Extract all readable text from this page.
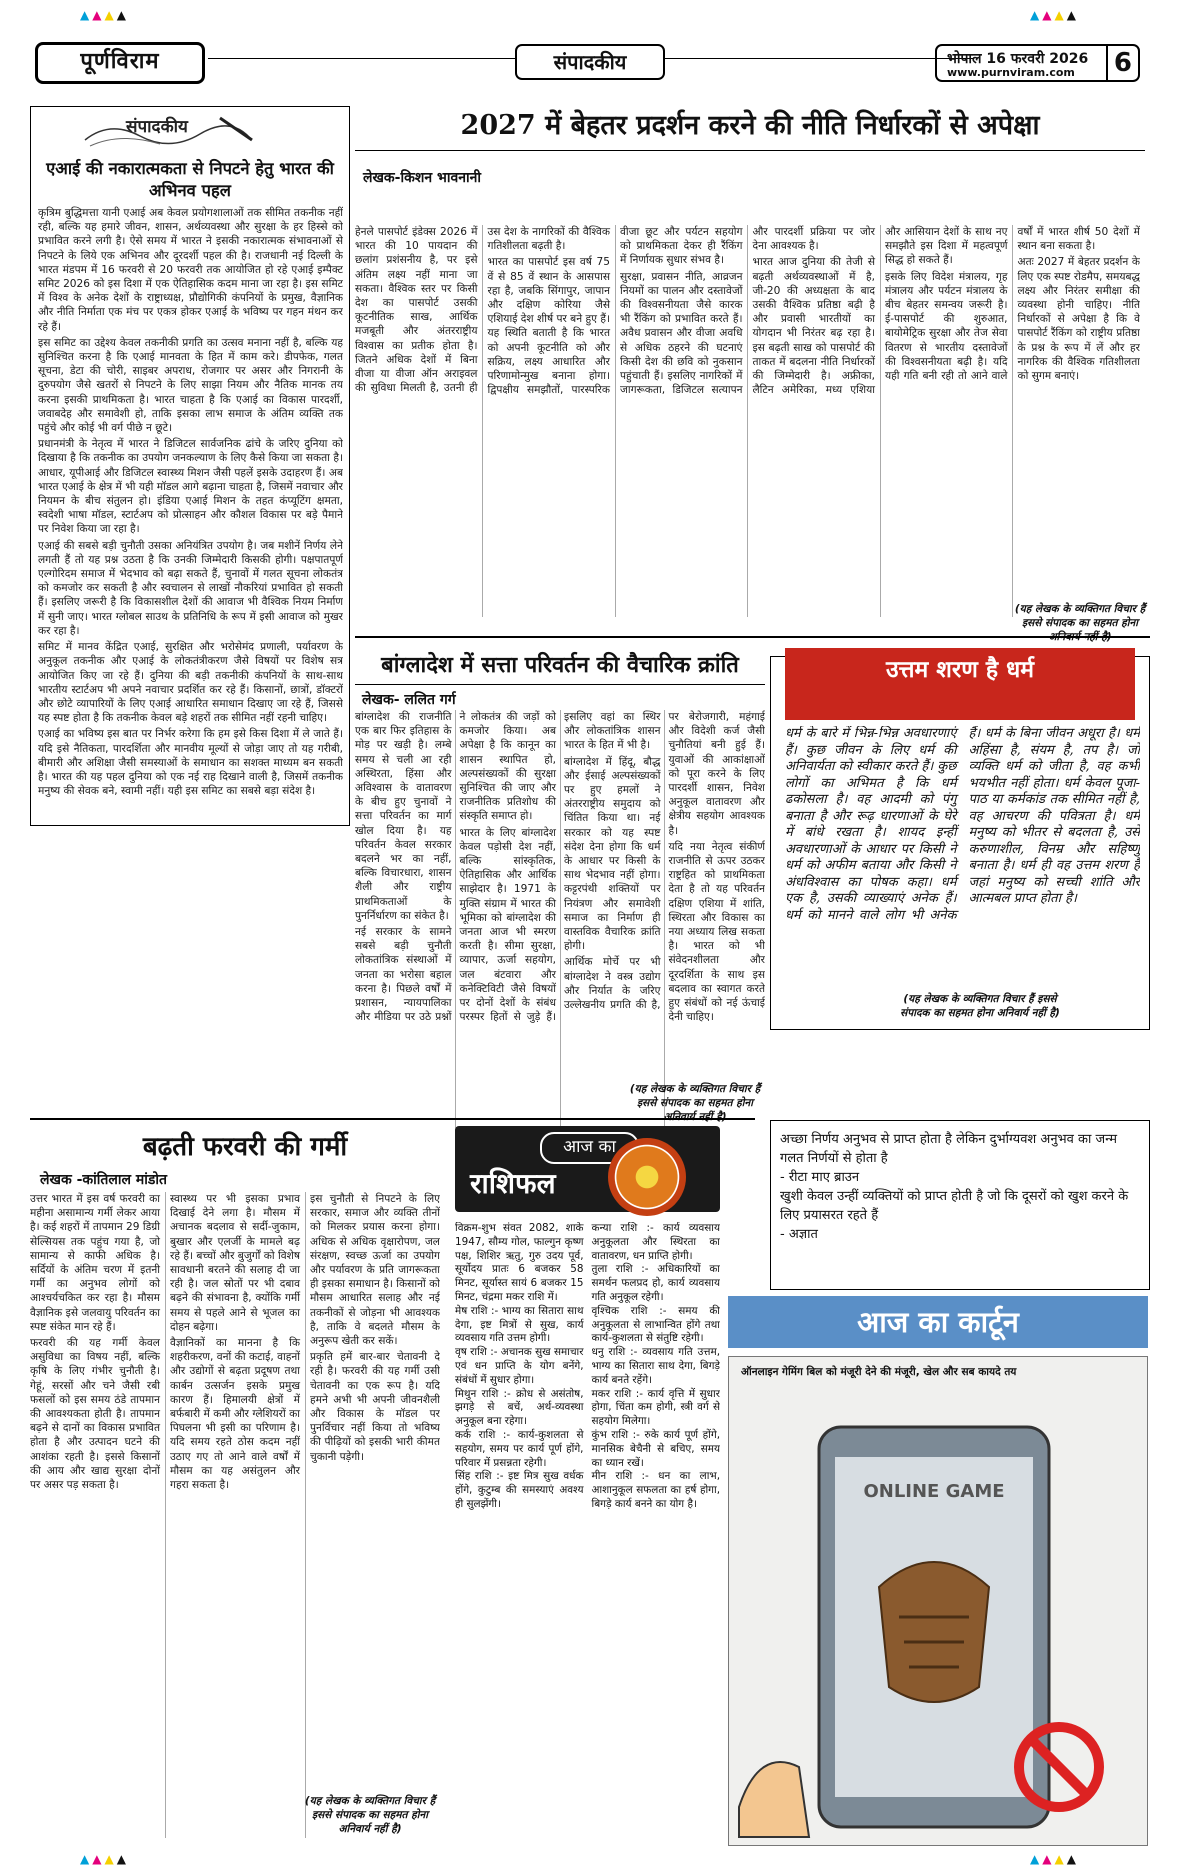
पूर्णविराम	संपादकीय	भोपाल 16 फरवरी 2026
www.purnviram.com	6
▲▲▲▲	▲▲▲▲
संपादकीय
एआई की नकारात्मकता से निपटने हेतु भारत की अभिनव पहल

कृत्रिम बुद्धिमत्ता यानी एआई अब केवल प्रयोगशालाओं तक सीमित तकनीक नहीं रही, बल्कि यह हमारे जीवन, शासन, अर्थव्यवस्था और सुरक्षा के हर हिस्से को प्रभावित करने लगी है। ऐसे समय में भारत ने इसकी नकारात्मक संभावनाओं से निपटने के लिये एक अभिनव और दूरदर्शी पहल की है। राजधानी नई दिल्ली के भारत मंडपम में 16 फरवरी से 20 फरवरी तक आयोजित हो रहे एआई इम्पैक्ट समिट 2026 को इस दिशा में एक ऐतिहासिक कदम माना जा रहा है। इस समिट में विश्व के अनेक देशों के राष्ट्राध्यक्ष, प्रौद्योगिकी कंपनियों के प्रमुख, वैज्ञानिक और नीति निर्माता एक मंच पर एकत्र होकर एआई के भविष्य पर गहन मंथन कर रहे हैं।

इस समिट का उद्देश्य केवल तकनीकी प्रगति का उत्सव मनाना नहीं है, बल्कि यह सुनिश्चित करना है कि एआई मानवता के हित में काम करे। डीपफेक, गलत सूचना, डेटा की चोरी, साइबर अपराध, रोजगार पर असर और निगरानी के दुरुपयोग जैसे खतरों से निपटने के लिए साझा नियम और नैतिक मानक तय करना इसकी प्राथमिकता है। भारत चाहता है कि एआई का विकास पारदर्शी, जवाबदेह और समावेशी हो, ताकि इसका लाभ समाज के अंतिम व्यक्ति तक पहुंचे और कोई भी वर्ग पीछे न छूटे।

प्रधानमंत्री के नेतृत्व में भारत ने डिजिटल सार्वजनिक ढांचे के जरिए दुनिया को दिखाया है कि तकनीक का उपयोग जनकल्याण के लिए कैसे किया जा सकता है। आधार, यूपीआई और डिजिटल स्वास्थ्य मिशन जैसी पहलें इसके उदाहरण हैं। अब भारत एआई के क्षेत्र में भी यही मॉडल आगे बढ़ाना चाहता है, जिसमें नवाचार और नियमन के बीच संतुलन हो। इंडिया एआई मिशन के तहत कंप्यूटिंग क्षमता, स्वदेशी भाषा मॉडल, स्टार्टअप को प्रोत्साहन और कौशल विकास पर बड़े पैमाने पर निवेश किया जा रहा है।

एआई की सबसे बड़ी चुनौती उसका अनियंत्रित उपयोग है। जब मशीनें निर्णय लेने लगती हैं तो यह प्रश्न उठता है कि उनकी जिम्मेदारी किसकी होगी। पक्षपातपूर्ण एल्गोरिदम समाज में भेदभाव को बढ़ा सकते हैं, चुनावों में गलत सूचना लोकतंत्र को कमजोर कर सकती है और स्वचालन से लाखों नौकरियां प्रभावित हो सकती हैं। इसलिए जरूरी है कि विकासशील देशों की आवाज भी वैश्विक नियम निर्माण में सुनी जाए। भारत ग्लोबल साउथ के प्रतिनिधि के रूप में इसी आवाज को मुखर कर रहा है।

समिट में मानव केंद्रित एआई, सुरक्षित और भरोसेमंद प्रणाली, पर्यावरण के अनुकूल तकनीक और एआई के लोकतंत्रीकरण जैसे विषयों पर विशेष सत्र आयोजित किए जा रहे हैं। दुनिया की बड़ी तकनीकी कंपनियों के साथ-साथ भारतीय स्टार्टअप भी अपने नवाचार प्रदर्शित कर रहे हैं। किसानों, छात्रों, डॉक्टरों और छोटे व्यापारियों के लिए एआई आधारित समाधान दिखाए जा रहे हैं, जिससे यह स्पष्ट होता है कि तकनीक केवल बड़े शहरों तक सीमित नहीं रहनी चाहिए।

एआई का भविष्य इस बात पर निर्भर करेगा कि हम इसे किस दिशा में ले जाते हैं। यदि इसे नैतिकता, पारदर्शिता और मानवीय मूल्यों से जोड़ा जाए तो यह गरीबी, बीमारी और अशिक्षा जैसी समस्याओं के समाधान का सशक्त माध्यम बन सकती है। भारत की यह पहल दुनिया को एक नई राह दिखाने वाली है, जिसमें तकनीक मनुष्य की सेवक बने, स्वामी नहीं। यही इस समिट का सबसे बड़ा संदेश है।

2027 में बेहतर प्रदर्शन करने की नीति निर्धारकों से अपेक्षा
लेखक-किशन भावनानी

हेनले पासपोर्ट इंडेक्स 2026 में भारत की 10 पायदान की छलांग प्रशंसनीय है, पर इसे अंतिम लक्ष्य नहीं माना जा सकता। वैश्विक स्तर पर किसी देश का पासपोर्ट उसकी कूटनीतिक साख, आर्थिक मजबूती और अंतरराष्ट्रीय विश्वास का प्रतीक होता है। जितने अधिक देशों में बिना वीजा या वीजा ऑन अराइवल की सुविधा मिलती है, उतनी ही उस देश के नागरिकों की वैश्विक गतिशीलता बढ़ती है।

भारत का पासपोर्ट इस वर्ष 75 वें से 85 वें स्थान के आसपास रहा है, जबकि सिंगापुर, जापान और दक्षिण कोरिया जैसे एशियाई देश शीर्ष पर बने हुए हैं। यह स्थिति बताती है कि भारत को अपनी कूटनीति को और सक्रिय, लक्ष्य आधारित और परिणामोन्मुख बनाना होगा। द्विपक्षीय समझौतों, पारस्परिक वीजा छूट और पर्यटन सहयोग को प्राथमिकता देकर ही रैंकिंग में निर्णायक सुधार संभव है।

सुरक्षा, प्रवासन नीति, आव्रजन नियमों का पालन और दस्तावेजों की विश्वसनीयता जैसे कारक भी रैंकिंग को प्रभावित करते हैं। अवैध प्रवासन और वीजा अवधि से अधिक ठहरने की घटनाएं किसी देश की छवि को नुकसान पहुंचाती हैं। इसलिए नागरिकों में जागरूकता, डिजिटल सत्यापन और पारदर्शी प्रक्रिया पर जोर देना आवश्यक है।

भारत आज दुनिया की तेजी से बढ़ती अर्थव्यवस्थाओं में है, जी-20 की अध्यक्षता के बाद उसकी वैश्विक प्रतिष्ठा बढ़ी है और प्रवासी भारतीयों का योगदान भी निरंतर बढ़ रहा है। इस बढ़ती साख को पासपोर्ट की ताकत में बदलना नीति निर्धारकों की जिम्मेदारी है। अफ्रीका, लैटिन अमेरिका, मध्य एशिया और आसियान देशों के साथ नए समझौते इस दिशा में महत्वपूर्ण सिद्ध हो सकते हैं।

इसके लिए विदेश मंत्रालय, गृह मंत्रालय और पर्यटन मंत्रालय के बीच बेहतर समन्वय जरूरी है। ई-पासपोर्ट की शुरुआत, बायोमेट्रिक सुरक्षा और तेज सेवा वितरण से भारतीय दस्तावेजों की विश्वसनीयता बढ़ी है। यदि यही गति बनी रही तो आने वाले वर्षों में भारत शीर्ष 50 देशों में स्थान बना सकता है।

अतः 2027 में बेहतर प्रदर्शन के लिए एक स्पष्ट रोडमैप, समयबद्ध लक्ष्य और निरंतर समीक्षा की व्यवस्था होनी चाहिए। नीति निर्धारकों से अपेक्षा है कि वे पासपोर्ट रैंकिंग को राष्ट्रीय प्रतिष्ठा के प्रश्न के रूप में लें और हर नागरिक की वैश्विक गतिशीलता को सुगम बनाएं।

(यह लेखक के व्यक्तिगत विचार हैं इससे संपादक का सहमत होना अनिवार्य नहीं है)
बांग्लादेश में सत्ता परिवर्तन की वैचारिक क्रांति
लेखक- ललित गर्ग

बांग्लादेश की राजनीति एक बार फिर इतिहास के मोड़ पर खड़ी है। लम्बे समय से चली आ रही अस्थिरता, हिंसा और अविश्वास के वातावरण के बीच हुए चुनावों ने सत्ता परिवर्तन का मार्ग खोल दिया है। यह परिवर्तन केवल सरकार बदलने भर का नहीं, बल्कि विचारधारा, शासन शैली और राष्ट्रीय प्राथमिकताओं के पुनर्निर्धारण का संकेत है।

नई सरकार के सामने सबसे बड़ी चुनौती लोकतांत्रिक संस्थाओं में जनता का भरोसा बहाल करना है। पिछले वर्षों में प्रशासन, न्यायपालिका और मीडिया पर उठे प्रश्नों ने लोकतंत्र की जड़ों को कमजोर किया। अब अपेक्षा है कि कानून का शासन स्थापित हो, अल्पसंख्यकों की सुरक्षा सुनिश्चित की जाए और राजनीतिक प्रतिशोध की संस्कृति समाप्त हो।

भारत के लिए बांग्लादेश केवल पड़ोसी देश नहीं, बल्कि सांस्कृतिक, ऐतिहासिक और आर्थिक साझेदार है। 1971 के मुक्ति संग्राम में भारत की भूमिका को बांग्लादेश की जनता आज भी स्मरण करती है। सीमा सुरक्षा, व्यापार, ऊर्जा सहयोग, जल बंटवारा और कनेक्टिविटी जैसे विषयों पर दोनों देशों के संबंध परस्पर हितों से जुड़े हैं। इसलिए वहां का स्थिर और लोकतांत्रिक शासन भारत के हित में भी है।

बांग्लादेश में हिंदू, बौद्ध और ईसाई अल्पसंख्यकों पर हुए हमलों ने अंतरराष्ट्रीय समुदाय को चिंतित किया था। नई सरकार को यह स्पष्ट संदेश देना होगा कि धर्म के आधार पर किसी के साथ भेदभाव नहीं होगा। कट्टरपंथी शक्तियों पर नियंत्रण और समावेशी समाज का निर्माण ही वास्तविक वैचारिक क्रांति होगी।

आर्थिक मोर्चे पर भी बांग्लादेश ने वस्त्र उद्योग और निर्यात के जरिए उल्लेखनीय प्रगति की है, पर बेरोजगारी, महंगाई और विदेशी कर्ज जैसी चुनौतियां बनी हुई हैं। युवाओं की आकांक्षाओं को पूरा करने के लिए पारदर्शी शासन, निवेश अनुकूल वातावरण और क्षेत्रीय सहयोग आवश्यक है।

यदि नया नेतृत्व संकीर्ण राजनीति से ऊपर उठकर राष्ट्रहित को प्राथमिकता देता है तो यह परिवर्तन दक्षिण एशिया में शांति, स्थिरता और विकास का नया अध्याय लिख सकता है। भारत को भी संवेदनशीलता और दूरदर्शिता के साथ इस बदलाव का स्वागत करते हुए संबंधों को नई ऊंचाई देनी चाहिए।

(यह लेखक के व्यक्तिगत विचार हैं इससे संपादक का सहमत होना अनिवार्य नहीं है)
उत्तम शरण है धर्म
धर्म के बारे में भिन्न-भिन्न अवधारणाएं हैं। कुछ जीवन के लिए धर्म की अनिवार्यता को स्वीकार करते हैं। कुछ लोगों का अभिमत है कि धर्म ढकोसला है। वह आदमी को पंगु बनाता है और रूढ़ धारणाओं के घेरे में बांधे रखता है। शायद इन्हीं अवधारणाओं के आधार पर किसी ने धर्म को अफीम बताया और किसी ने अंधविश्वास का पोषक कहा। धर्म एक है, उसकी व्याख्याएं अनेक हैं। धर्म को मानने वाले लोग भी अनेक हैं। धर्म के बिना जीवन अधूरा है। धर्म अहिंसा है, संयम है, तप है। जो व्यक्ति धर्म को जीता है, वह कभी भयभीत नहीं होता। धर्म केवल पूजा-पाठ या कर्मकांड तक सीमित नहीं है, वह आचरण की पवित्रता है। धर्म मनुष्य को भीतर से बदलता है, उसे करुणाशील, विनम्र और सहिष्णु बनाता है। धर्म ही वह उत्तम शरण है जहां मनुष्य को सच्ची शांति और आत्मबल प्राप्त होता है।
(यह लेखक के व्यक्तिगत विचार हैं इससे संपादक का सहमत होना अनिवार्य नहीं है)

अच्छा निर्णय अनुभव से प्राप्त होता है लेकिन दुर्भाग्यवश अनुभव का जन्म गलत निर्णयों से होता है

- रीटा माए ब्राउन

खुशी केवल उन्हीं व्यक्तियों को प्राप्त होती है जो कि दूसरों को खुश करने के लिए प्रयासरत रहते हैं

- अज्ञात

बढ़ती फरवरी की गर्मी
लेखक -कांतिलाल मांडोत

उत्तर भारत में इस वर्ष फरवरी का महीना असामान्य गर्मी लेकर आया है। कई शहरों में तापमान 29 डिग्री सेल्सियस तक पहुंच गया है, जो सामान्य से काफी अधिक है। सर्दियों के अंतिम चरण में इतनी गर्मी का अनुभव लोगों को आश्चर्यचकित कर रहा है। मौसम वैज्ञानिक इसे जलवायु परिवर्तन का स्पष्ट संकेत मान रहे हैं।

फरवरी की यह गर्मी केवल असुविधा का विषय नहीं, बल्कि कृषि के लिए गंभीर चुनौती है। गेहूं, सरसों और चने जैसी रबी फसलों को इस समय ठंडे तापमान की आवश्यकता होती है। तापमान बढ़ने से दानों का विकास प्रभावित होता है और उत्पादन घटने की आशंका रहती है। इससे किसानों की आय और खाद्य सुरक्षा दोनों पर असर पड़ सकता है।

स्वास्थ्य पर भी इसका प्रभाव दिखाई देने लगा है। मौसम में अचानक बदलाव से सर्दी-जुकाम, बुखार और एलर्जी के मामले बढ़ रहे हैं। बच्चों और बुजुर्गों को विशेष सावधानी बरतने की सलाह दी जा रही है। जल स्रोतों पर भी दबाव बढ़ने की संभावना है, क्योंकि गर्मी समय से पहले आने से भूजल का दोहन बढ़ेगा।

वैज्ञानिकों का मानना है कि शहरीकरण, वनों की कटाई, वाहनों और उद्योगों से बढ़ता प्रदूषण तथा कार्बन उत्सर्जन इसके प्रमुख कारण हैं। हिमालयी क्षेत्रों में बर्फबारी में कमी और ग्लेशियरों का पिघलना भी इसी का परिणाम है। यदि समय रहते ठोस कदम नहीं उठाए गए तो आने वाले वर्षों में मौसम का यह असंतुलन और गहरा सकता है।

इस चुनौती से निपटने के लिए सरकार, समाज और व्यक्ति तीनों को मिलकर प्रयास करना होगा। अधिक से अधिक वृक्षारोपण, जल संरक्षण, स्वच्छ ऊर्जा का उपयोग और पर्यावरण के प्रति जागरूकता ही इसका समाधान है। किसानों को मौसम आधारित सलाह और नई तकनीकों से जोड़ना भी आवश्यक है, ताकि वे बदलते मौसम के अनुरूप खेती कर सकें।

प्रकृति हमें बार-बार चेतावनी दे रही है। फरवरी की यह गर्मी उसी चेतावनी का एक रूप है। यदि हमने अभी भी अपनी जीवनशैली और विकास के मॉडल पर पुनर्विचार नहीं किया तो भविष्य की पीढ़ियों को इसकी भारी कीमत चुकानी पड़ेगी।

(यह लेखक के व्यक्तिगत विचार हैं इससे संपादक का सहमत होना अनिवार्य नहीं है)
आज का
राशिफल

विक्रम-शुभ संवत 2082, शाके 1947, सौम्य गोल, फाल्गुन कृष्ण पक्ष, शिशिर ऋतु, गुरु उदय पूर्व, सूर्योदय प्रातः 6 बजकर 58 मिनट, सूर्यास्त सायं 6 बजकर 15 मिनट, चंद्रमा मकर राशि में।

मेष राशि :- भाग्य का सितारा साथ देगा, इष्ट मित्रों से सुख, कार्य व्यवसाय गति उत्तम होगी।

वृष राशि :- अचानक सुख समाचार एवं धन प्राप्ति के योग बनेंगे, संबंधों में सुधार होगा।

मिथुन राशि :- क्रोध से असंतोष, झगड़े से बचें, अर्थ-व्यवस्था अनुकूल बना रहेगा।

कर्क राशि :- कार्य-कुशलता से सहयोग, समय पर कार्य पूर्ण होंगे, परिवार में प्रसन्नता रहेगी।

सिंह राशि :- इष्ट मित्र सुख वर्धक होंगे, कुटुम्ब की समस्याएं अवश्य ही सुलझेंगी।

कन्या राशि :- कार्य व्यवसाय अनुकूलता और स्थिरता का वातावरण, धन प्राप्ति होगी।

तुला राशि :- अधिकारियों का समर्थन फलप्रद हो, कार्य व्यवसाय गति अनुकूल रहेगी।

वृश्चिक राशि :- समय की अनुकूलता से लाभान्वित होंगे तथा कार्य-कुशलता से संतुष्टि रहेगी।

धनु राशि :- व्यवसाय गति उत्तम, भाग्य का सितारा साथ देगा, बिगड़े कार्य बनते रहेंगे।

मकर राशि :- कार्य वृत्ति में सुधार होगा, चिंता कम होगी, स्त्री वर्ग से सहयोग मिलेगा।

कुंभ राशि :- रुके कार्य पूर्ण होंगे, मानसिक बेचैनी से बचिए, समय का ध्यान रखें।

मीन राशि :- धन का लाभ, आशानुकूल सफलता का हर्ष होगा, बिगड़े कार्य बनने का योग है।

आज का कार्टून
ऑनलाइन गेमिंग बिल को मंजूरी देने की मंजूरी, खेल और सब कायदे तय
ONLINE GAME
▲▲▲▲	▲▲▲▲
